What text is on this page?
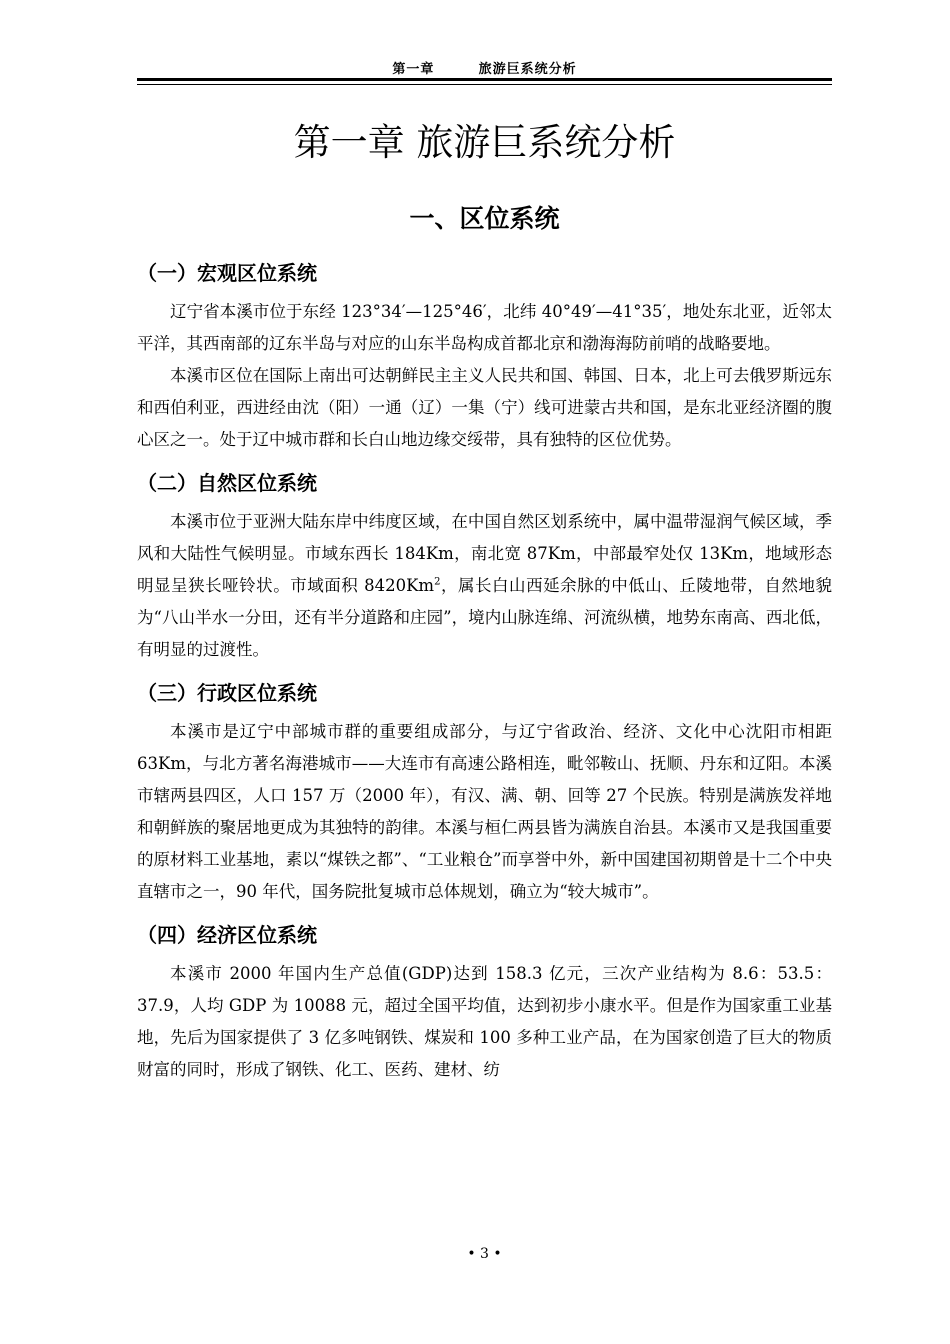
第一章        旅游巨系统分析
第一章 旅游巨系统分析
一、区位系统
（一）宏观区位系统

辽宁省本溪市位于东经 123°34′—125°46′，北纬 40°49′—41°35′，地处东北亚，近邻太平洋，其西南部的辽东半岛与对应的山东半岛构成首都北京和渤海海防前哨的战略要地。

本溪市区位在国际上南出可达朝鲜民主主义人民共和国、韩国、日本，北上可去俄罗斯远东和西伯利亚，西进经由沈（阳）一通（辽）一集（宁）线可进蒙古共和国，是东北亚经济圈的腹心区之一。处于辽中城市群和长白山地边缘交绥带，具有独特的区位优势。

（二）自然区位系统

本溪市位于亚洲大陆东岸中纬度区域，在中国自然区划系统中，属中温带湿润气候区域，季风和大陆性气候明显。市域东西长 184Km，南北宽 87Km，中部最窄处仅 13Km，地域形态明显呈狭长哑铃状。市域面积 8420Km$^2$，属长白山西延余脉的中低山、丘陵地带，自然地貌为“八山半水一分田，还有半分道路和庄园”，境内山脉连绵、河流纵横，地势东南高、西北低，有明显的过渡性。

（三）行政区位系统

本溪市是辽宁中部城市群的重要组成部分，与辽宁省政治、经济、文化中心沈阳市相距 63Km，与北方著名海港城市——大连市有高速公路相连，毗邻鞍山、抚顺、丹东和辽阳。本溪市辖两县四区，人口 157 万（2000 年），有汉、满、朝、回等 27 个民族。特别是满族发祥地和朝鲜族的聚居地更成为其独特的韵律。本溪与桓仁两县皆为满族自治县。本溪市又是我国重要的原材料工业基地，素以“煤铁之都”、“工业粮仓”而享誉中外，新中国建国初期曾是十二个中央直辖市之一，90 年代，国务院批复城市总体规划，确立为“较大城市”。

（四）经济区位系统

本溪市 2000 年国内生产总值(GDP)达到 158.3 亿元，三次产业结构为 8.6：53.5：37.9，人均 GDP 为 10088 元，超过全国平均值，达到初步小康水平。但是作为国家重工业基地，先后为国家提供了 3 亿多吨钢铁、煤炭和 100 多种工业产品，在为国家创造了巨大的物质财富的同时，形成了钢铁、化工、医药、建材、纺

• 3 •
